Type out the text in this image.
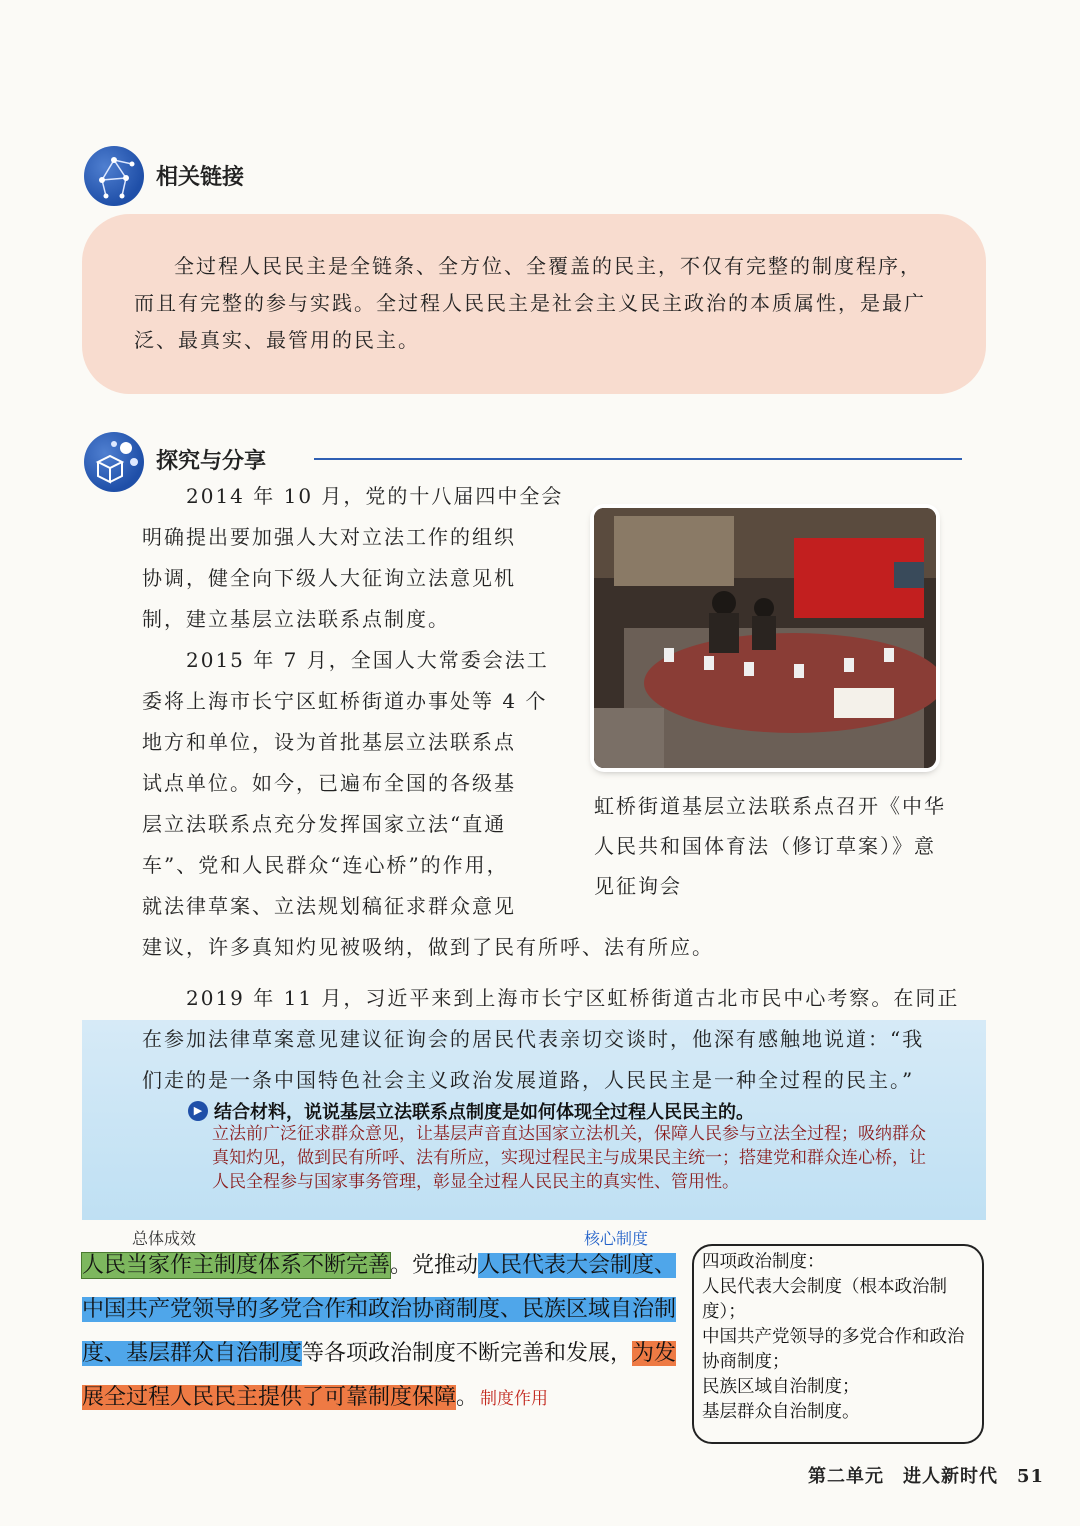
相关链接
全过程人民民主是全链条、全方位、全覆盖的民主，不仅有完整的制度程序，而且有完整的参与实践。全过程人民民主是社会主义民主政治的本质属性，是最广泛、最真实、最管用的民主。
探究与分享
2014 年 10 月，党的十八届四中全会
明确提出要加强人大对立法工作的组织
协调，健全向下级人大征询立法意见机
制，建立基层立法联系点制度。
2015 年 7 月，全国人大常委会法工
委将上海市长宁区虹桥街道办事处等 4 个
地方和单位，设为首批基层立法联系点
试点单位。如今，已遍布全国的各级基
层立法联系点充分发挥国家立法“直通
车”、党和人民群众“连心桥”的作用，
就法律草案、立法规划稿征求群众意见
建议，许多真知灼见被吸纳，做到了民有所呼、法有所应。
虹桥街道基层立法联系点召开《中华人民共和国体育法（修订草案）》意见征询会
2019 年 11 月，习近平来到上海市长宁区虹桥街道古北市民中心考察。在同正
在参加法律草案意见建议征询会的居民代表亲切交谈时，他深有感触地说道：“我
们走的是一条中国特色社会主义政治发展道路，人民民主是一种全过程的民主。”
▶ 结合材料，说说基层立法联系点制度是如何体现全过程人民民主的。
立法前广泛征求群众意见，让基层声音直达国家立法机关，保障人民参与立法全过程；吸纳群众真知灼见，做到民有所呼、法有所应，实现过程民主与成果民主统一；搭建党和群众连心桥，让人民全程参与国家事务管理，彰显全过程人民民主的真实性、管用性。
总体成效	核心制度
人民当家作主制度体系不断完善。党推动人民代表大会制度、中国共产党领导的多党合作和政治协商制度、民族区域自治制度、基层群众自治制度等各项政治制度不断完善和发展，为发展全过程人民民主提供了可靠制度保障。 制度作用
四项政治制度：
人民代表大会制度（根本政治制度）；
中国共产党领导的多党合作和政治协商制度；
民族区域自治制度；
基层群众自治制度。
第二单元　进人新时代　51
